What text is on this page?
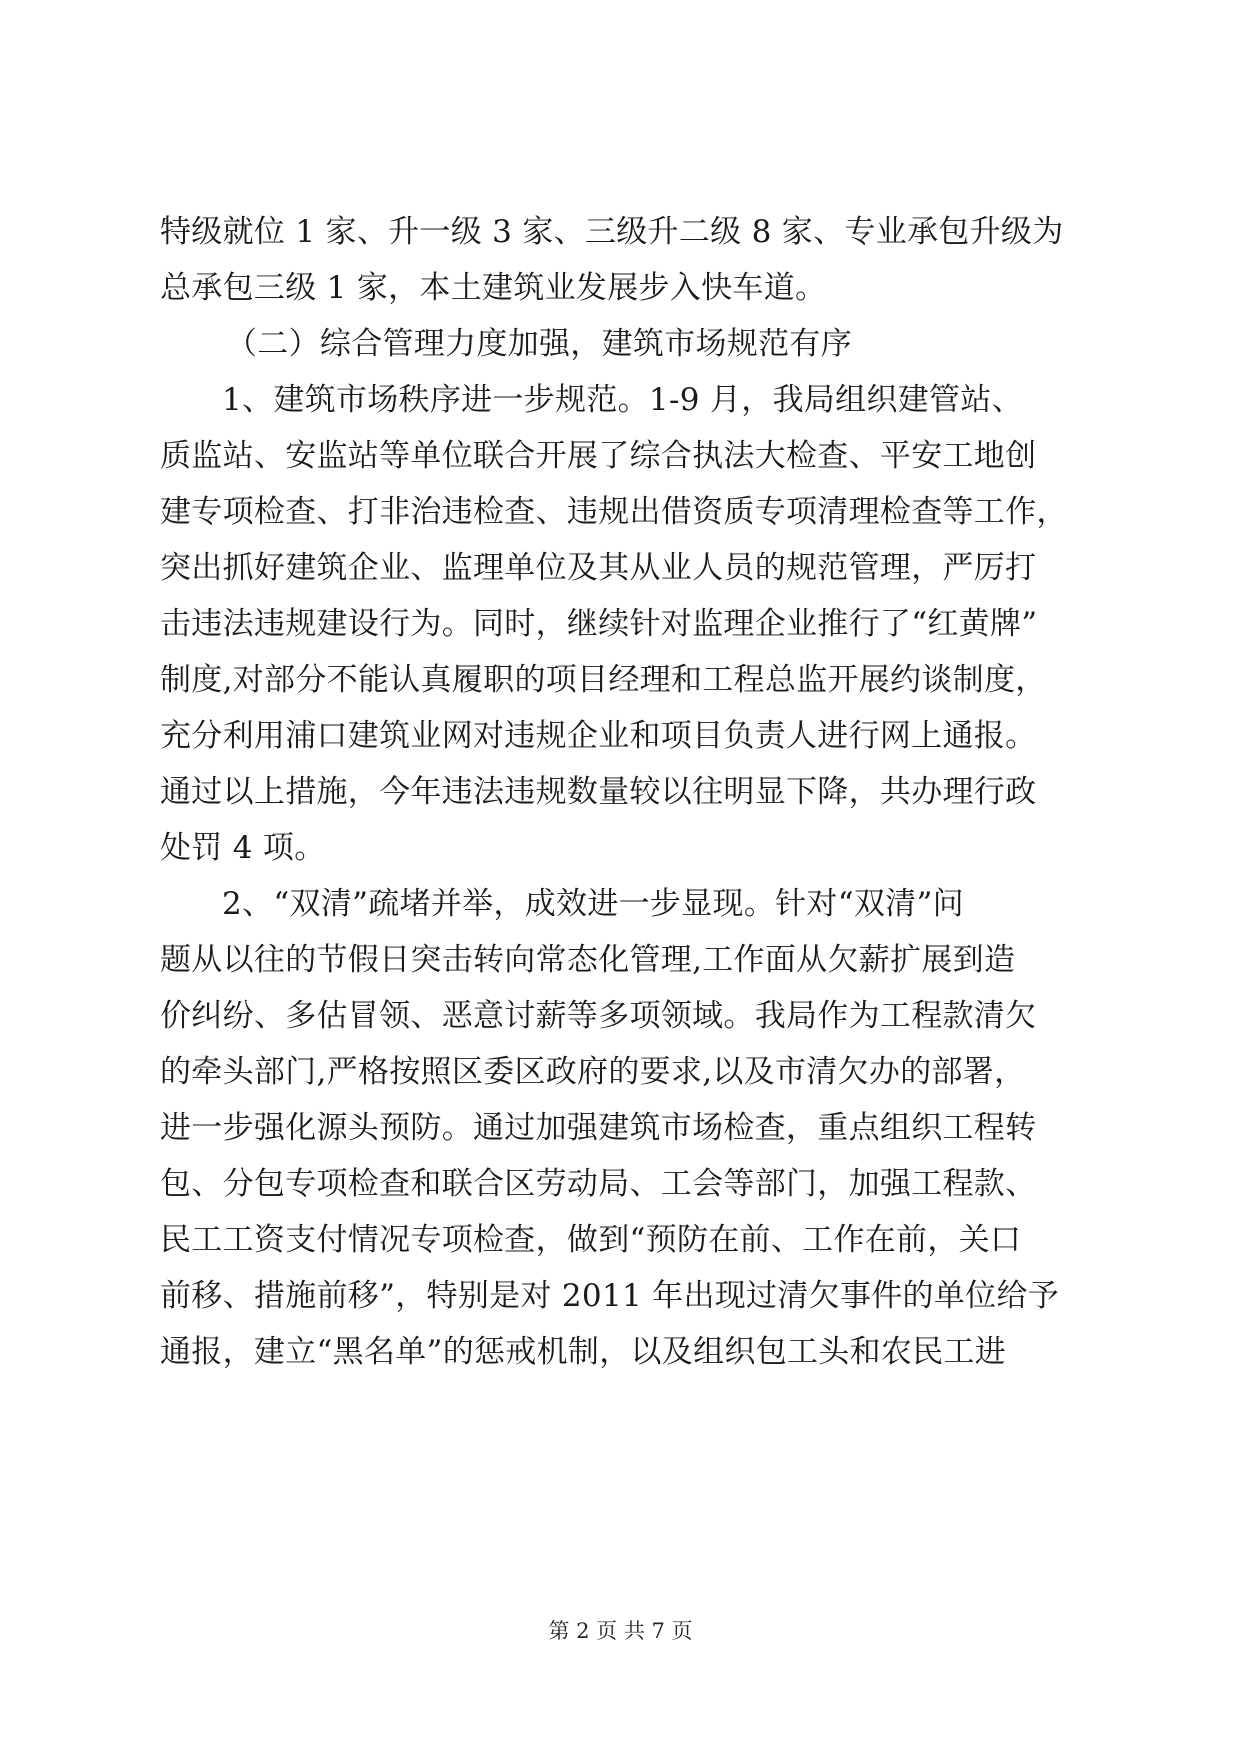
特级就位 1 家、升一级 3 家、三级升二级 8 家、专业承包升级为
总承包三级 1 家，本土建筑业发展步入快车道。
（二）综合管理力度加强，建筑市场规范有序
1、建筑市场秩序进一步规范。1-9 月，我局组织建管站、
质监站、安监站等单位联合开展了综合执法大检查、平安工地创
建专项检查、打非治违检查、违规出借资质专项清理检查等工作，
突出抓好建筑企业、监理单位及其从业人员的规范管理，严厉打
击违法违规建设行为。同时，继续针对监理企业推行了“红黄牌”
制度,对部分不能认真履职的项目经理和工程总监开展约谈制度，
充分利用浦口建筑业网对违规企业和项目负责人进行网上通报。
通过以上措施，今年违法违规数量较以往明显下降，共办理行政
处罚 4 项。
2、“双清”疏堵并举，成效进一步显现。针对“双清”问
题从以往的节假日突击转向常态化管理,工作面从欠薪扩展到造
价纠纷、多估冒领、恶意讨薪等多项领域。我局作为工程款清欠
的牵头部门,严格按照区委区政府的要求,以及市清欠办的部署，
进一步强化源头预防。通过加强建筑市场检查，重点组织工程转
包、分包专项检查和联合区劳动局、工会等部门，加强工程款、
民工工资支付情况专项检查，做到“预防在前、工作在前，关口
前移、措施前移”，特别是对 2011 年出现过清欠事件的单位给予
通报，建立“黑名单”的惩戒机制，以及组织包工头和农民工进
第 2 页 共 7 页
